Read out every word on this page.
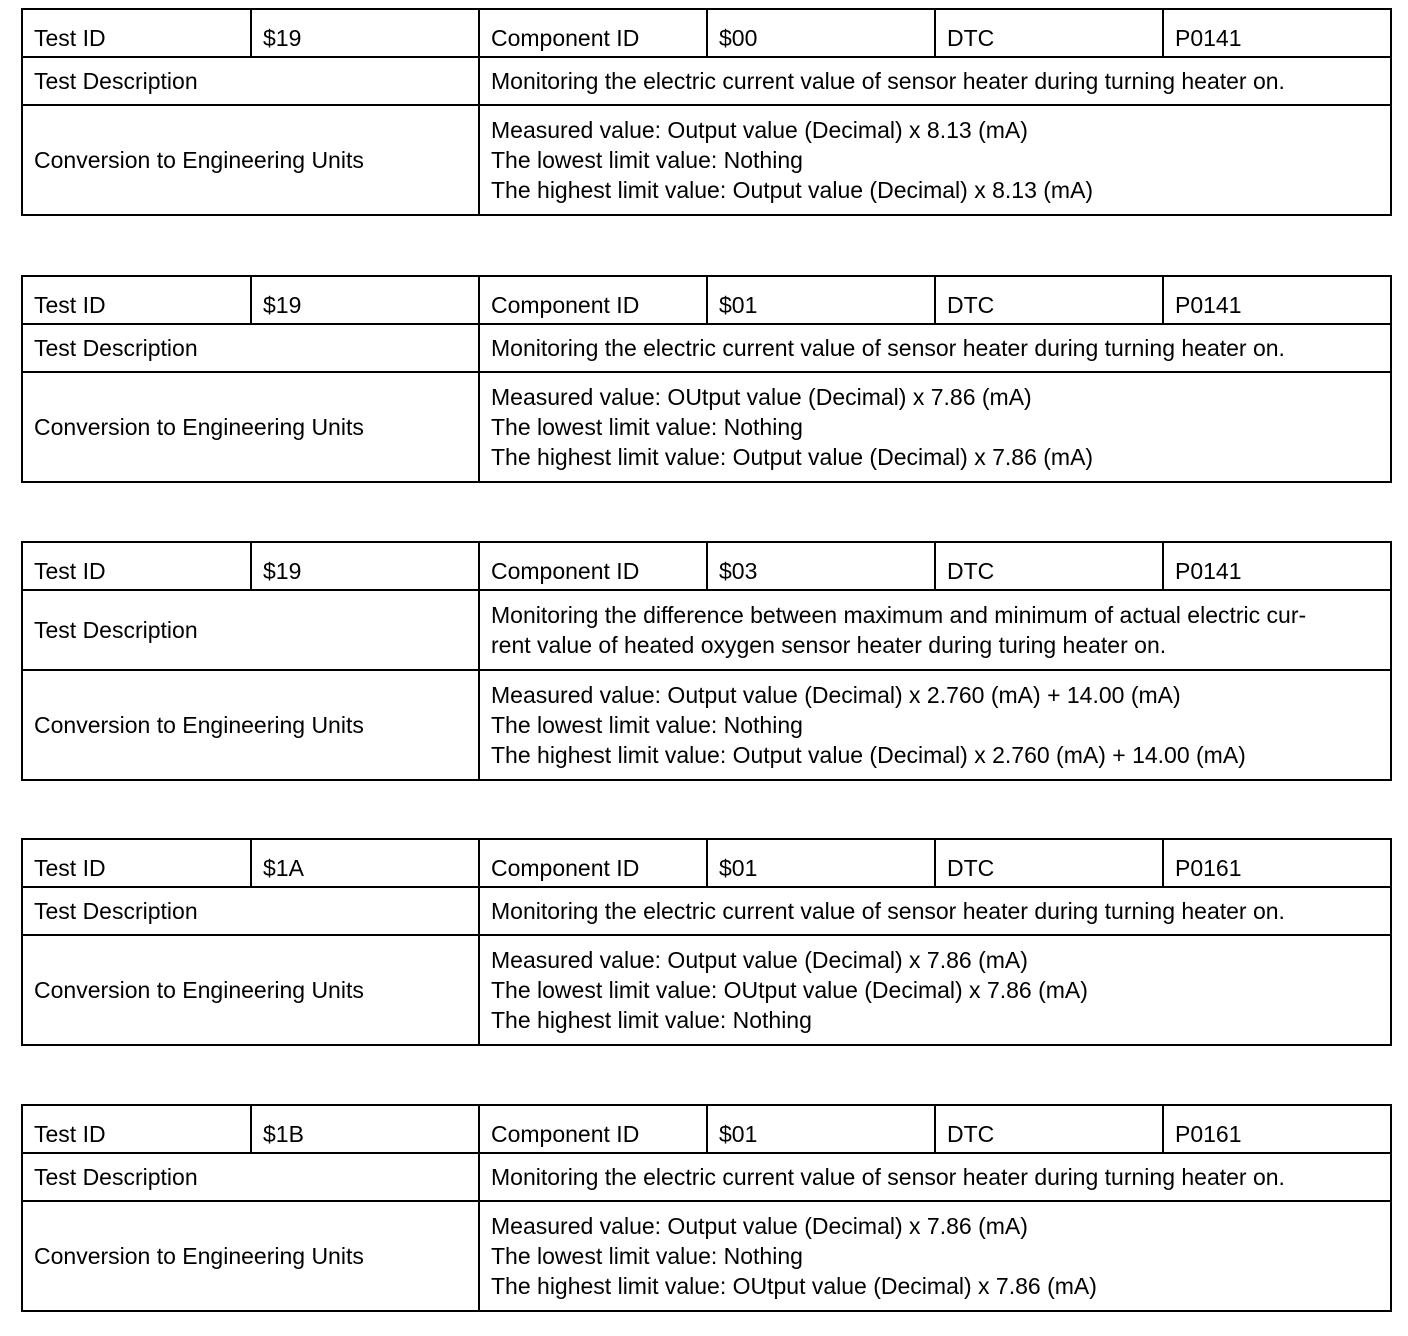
Test ID	$19	Component ID	$00	DTC	P0141
Test Description		Monitoring the electric current value of sensor heater during turning heater on.			

Conversion to Engineering Units		Measured value: Output value (Decimal) x 8.13 (mA)
The lowest limit value: Nothing
The highest limit value: Output value (Decimal) x 8.13 (mA)			
Test ID	$19	Component ID	$01	DTC	P0141
Test Description		Monitoring the electric current value of sensor heater during turning heater on.			

Conversion to Engineering Units		Measured value: OUtput value (Decimal) x 7.86 (mA)
The lowest limit value: Nothing
The highest limit value: Output value (Decimal) x 7.86 (mA)			
Test ID	$19	Component ID	$03	DTC	P0141
Test Description		Monitoring the difference between maximum and minimum of actual electric cur-
rent value of heated oxygen sensor heater during turing heater on.			

Conversion to Engineering Units		Measured value: Output value (Decimal) x 2.760 (mA) + 14.00 (mA)
The lowest limit value: Nothing
The highest limit value: Output value (Decimal) x 2.760 (mA) + 14.00 (mA)			
Test ID	$1A	Component ID	$01	DTC	P0161
Test Description		Monitoring the electric current value of sensor heater during turning heater on.			

Conversion to Engineering Units		Measured value: Output value (Decimal) x 7.86 (mA)
The lowest limit value: OUtput value (Decimal) x 7.86 (mA)
The highest limit value: Nothing			
Test ID	$1B	Component ID	$01	DTC	P0161
Test Description		Monitoring the electric current value of sensor heater during turning heater on.			

Conversion to Engineering Units		Measured value: Output value (Decimal) x 7.86 (mA)
The lowest limit value: Nothing
The highest limit value: OUtput value (Decimal) x 7.86 (mA)			
